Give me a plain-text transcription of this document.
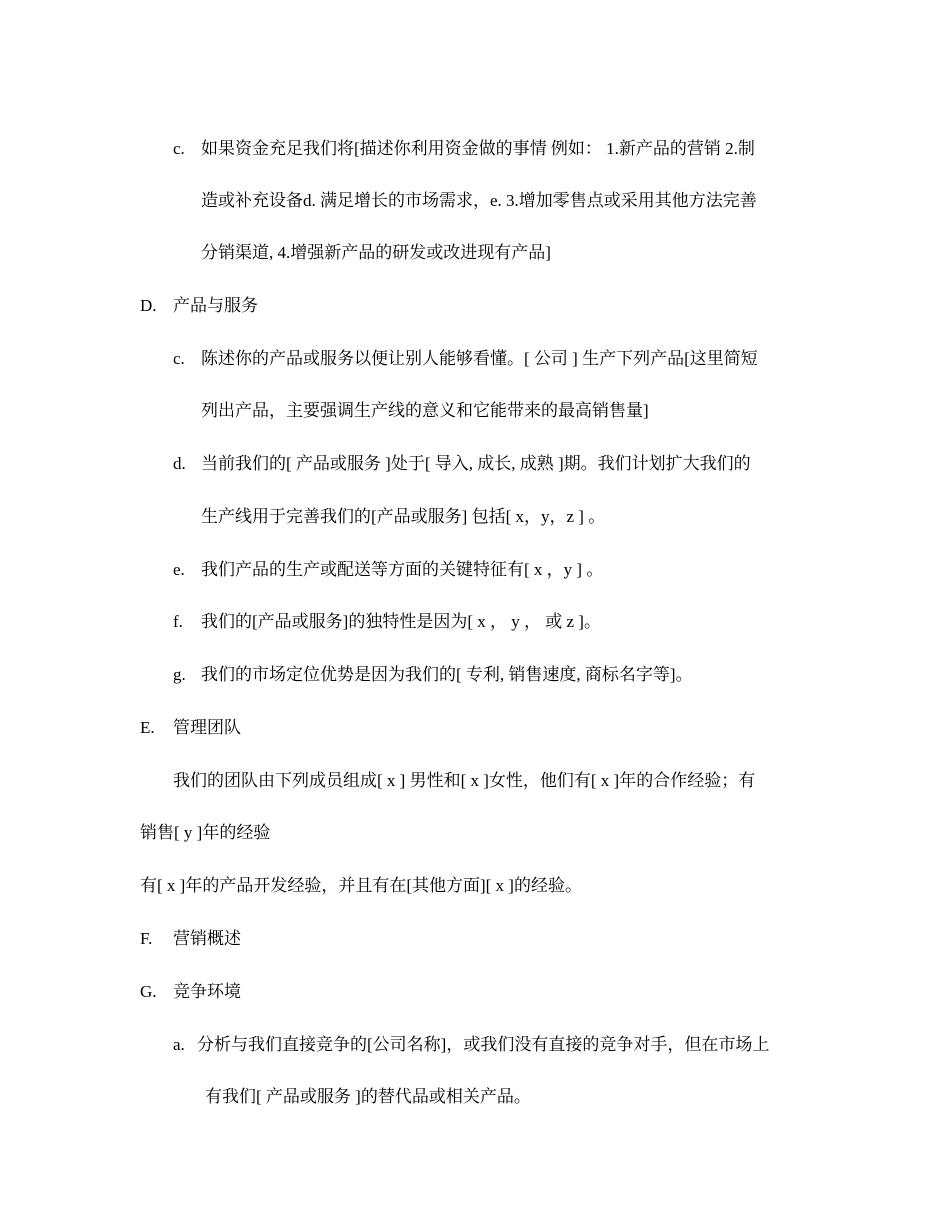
c. 如果资金充足我们将[描述你利用资金做的事情 例如： 1.新产品的营销 2.制
造或补充设备d. 满足增长的市场需求，e. 3.增加零售点或采用其他方法完善
分销渠道, 4.增强新产品的研发或改进现有产品]
D. 产品与服务
c. 陈述你的产品或服务以便让别人能够看懂。[ 公司 ] 生产下列产品[这里简短
列出产品，主要强调生产线的意义和它能带来的最高销售量]
d. 当前我们的[ 产品或服务 ]处于[ 导入, 成长, 成熟 ]期。我们计划扩大我们的
生产线用于完善我们的[产品或服务] 包括[ x，y，z ] 。
e. 我们产品的生产或配送等方面的关键特征有[ x ，y ] 。
f. 我们的[产品或服务]的独特性是因为[ x ， y ， 或 z ]。
g. 我们的市场定位优势是因为我们的[ 专利, 销售速度, 商标名字等]。
E. 管理团队
我们的团队由下列成员组成[ x ] 男性和[ x ]女性，他们有[ x ]年的合作经验；有
销售[ y ]年的经验
有[ x ]年的产品开发经验，并且有在[其他方面][ x ]的经验。
F. 营销概述
G. 竞争环境
a. 分析与我们直接竞争的[公司名称]，或我们没有直接的竞争对手，但在市场上
有我们[ 产品或服务 ]的替代品或相关产品。
